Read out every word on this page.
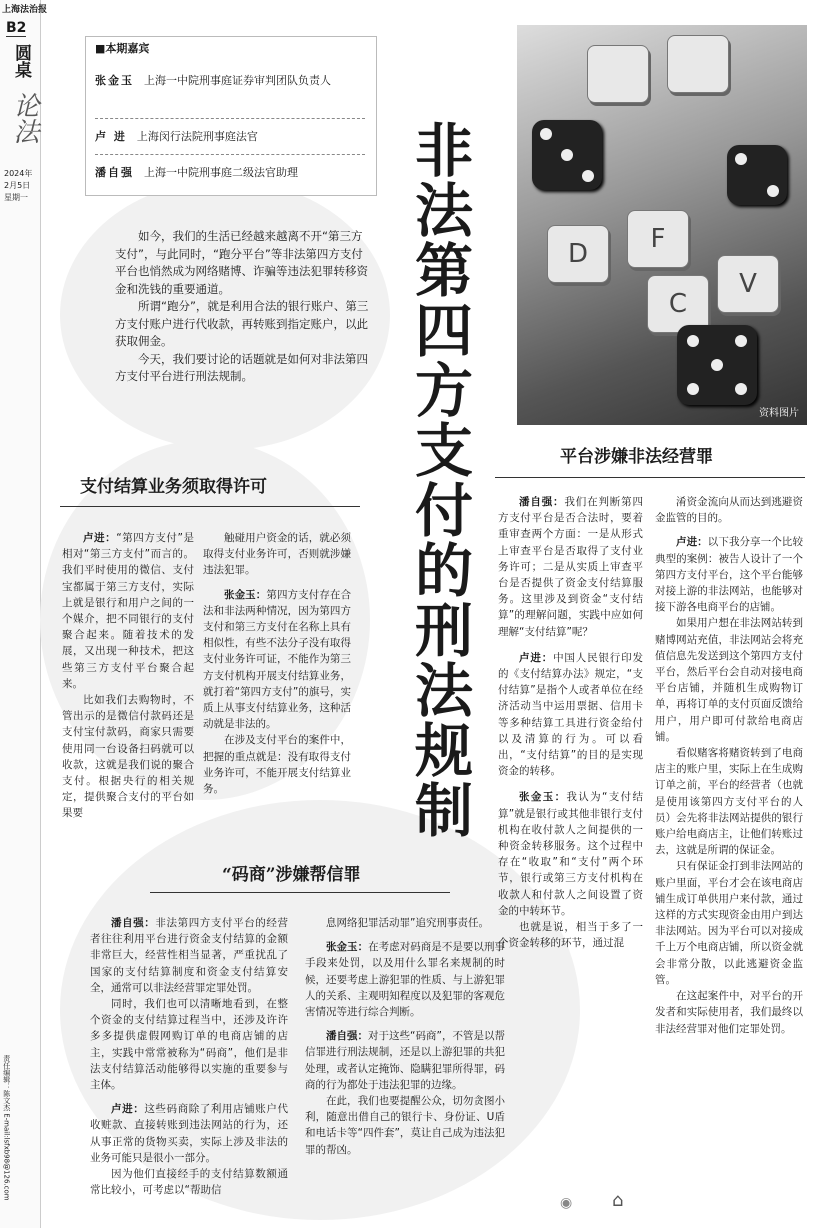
上海法治报
B2
圆桌
论法
2024年
2月5日
星期一
责任编辑：陈文杰 E-mail:lsfxb98@126.com
■本期嘉宾
张金玉 上海一中院刑事庭证券审判团队负责人
卢 进 上海闵行法院刑事庭法官
潘自强 上海一中院刑事庭二级法官助理	非法第四方支付的刑法规制	D	F
C
V
资料图片

如今，我们的生活已经越来越离不开“第三方支付”，与此同时，“跑分平台”等非法第四方支付平台也悄然成为网络赌博、诈骗等违法犯罪转移资金和洗钱的重要通道。

所谓“跑分”，就是利用合法的银行账户、第三方支付账户进行代收款，再转账到指定账户，以此获取佣金。

今天，我们要讨论的话题就是如何对非法第四方支付平台进行刑法规制。

支付结算业务须取得许可

卢进：“第四方支付”是相对“第三方支付”而言的。我们平时使用的微信、支付宝都属于第三方支付，实际上就是银行和用户之间的一个媒介，把不同银行的支付聚合起来。随着技术的发展，又出现一种技术，把这些第三方支付平台聚合起来。

比如我们去购物时，不管出示的是微信付款码还是支付宝付款码，商家只需要使用同一台设备扫码就可以收款，这就是我们说的聚合支付。根据央行的相关规定，提供聚合支付的平台如果要

触碰用户资金的话，就必须取得支付业务许可，否则就涉嫌违法犯罪。

张金玉：第四方支付存在合法和非法两种情况，因为第四方支付和第三方支付在名称上具有相似性，有些不法分子没有取得支付业务许可证，不能作为第三方支付机构开展支付结算业务，就打着“第四方支付”的旗号，实质上从事支付结算业务，这种活动就是非法的。

在涉及支付平台的案件中，把握的重点就是：没有取得支付业务许可，不能开展支付结算业务。

平台涉嫌非法经营罪

潘自强：我们在判断第四方支付平台是否合法时，要着重审查两个方面：一是从形式上审查平台是否取得了支付业务许可；二是从实质上审查平台是否提供了资金支付结算服务。这里涉及到资金“支付结算”的理解问题，实践中应如何理解“支付结算”呢？

卢进：中国人民银行印发的《支付结算办法》规定，“支付结算”是指个人或者单位在经济活动当中运用票据、信用卡等多种结算工具进行资金给付以及清算的行为。可以看出，“支付结算”的目的是实现资金的转移。

张金玉：我认为“支付结算”就是银行或其他非银行支付机构在收付款人之间提供的一种资金转移服务。这个过程中存在“收取”和“支付”两个环节，银行或第三方支付机构在收款人和付款人之间设置了资金的中转环节。

也就是说，相当于多了一个资金转移的环节，通过混

淆资金流向从而达到逃避资金监管的目的。

卢进：以下我分享一个比较典型的案例：被告人设计了一个第四方支付平台，这个平台能够对接上游的非法网站，也能够对接下游各电商平台的店铺。

如果用户想在非法网站转到赌博网站充值，非法网站会将充值信息先发送到这个第四方支付平台，然后平台会自动对接电商平台店铺，并随机生成购物订单，再将订单的支付页面反馈给用户，用户即可付款给电商店铺。

看似赌客将赌资转到了电商店主的账户里，实际上在生成购订单之前，平台的经营者（也就是使用该第四方支付平台的人员）会先将非法网站提供的银行账户给电商店主，让他们转账过去，这就是所谓的保证金。

只有保证金打到非法网站的账户里面，平台才会在该电商店铺生成订单供用户来付款，通过这样的方式实现资金由用户到达非法网站。因为平台可以对接成千上万个电商店铺，所以资金就会非常分散，以此逃避资金监管。

在这起案件中，对平台的开发者和实际使用者，我们最终以非法经营罪对他们定罪处罚。

“码商”涉嫌帮信罪

潘自强：非法第四方支付平台的经营者往往利用平台进行资金支付结算的金额非常巨大，经营性相当显著，严重扰乱了国家的支付结算制度和资金支付结算安全，通常可以非法经营罪定罪处罚。

同时，我们也可以清晰地看到，在整个资金的支付结算过程当中，还涉及许许多多提供虚假网购订单的电商店铺的店主，实践中常常被称为“码商”，他们是非法支付结算活动能够得以实施的重要参与主体。

卢进：这些码商除了利用店铺账户代收赃款、直接转账到违法网站的行为，还从事正常的货物买卖，实际上涉及非法的业务可能只是很小一部分。

因为他们直接经手的支付结算数额通常比较小，可考虑以“帮助信

息网络犯罪活动罪”追究刑事责任。

张金玉：在考虑对码商是不是要以刑事手段来处罚，以及用什么罪名来规制的时候，还要考虑上游犯罪的性质、与上游犯罪人的关系、主观明知程度以及犯罪的客观危害情况等进行综合判断。

潘自强：对于这些“码商”，不管是以帮信罪进行刑法规制，还是以上游犯罪的共犯处理，或者认定掩饰、隐瞒犯罪所得罪，码商的行为都处于违法犯罪的边缘。

在此，我们也要提醒公众，切勿贪图小利，随意出借自己的银行卡、身份证、U盾和电话卡等“四件套”，莫让自己成为违法犯罪的帮凶。

◉ ⌂
